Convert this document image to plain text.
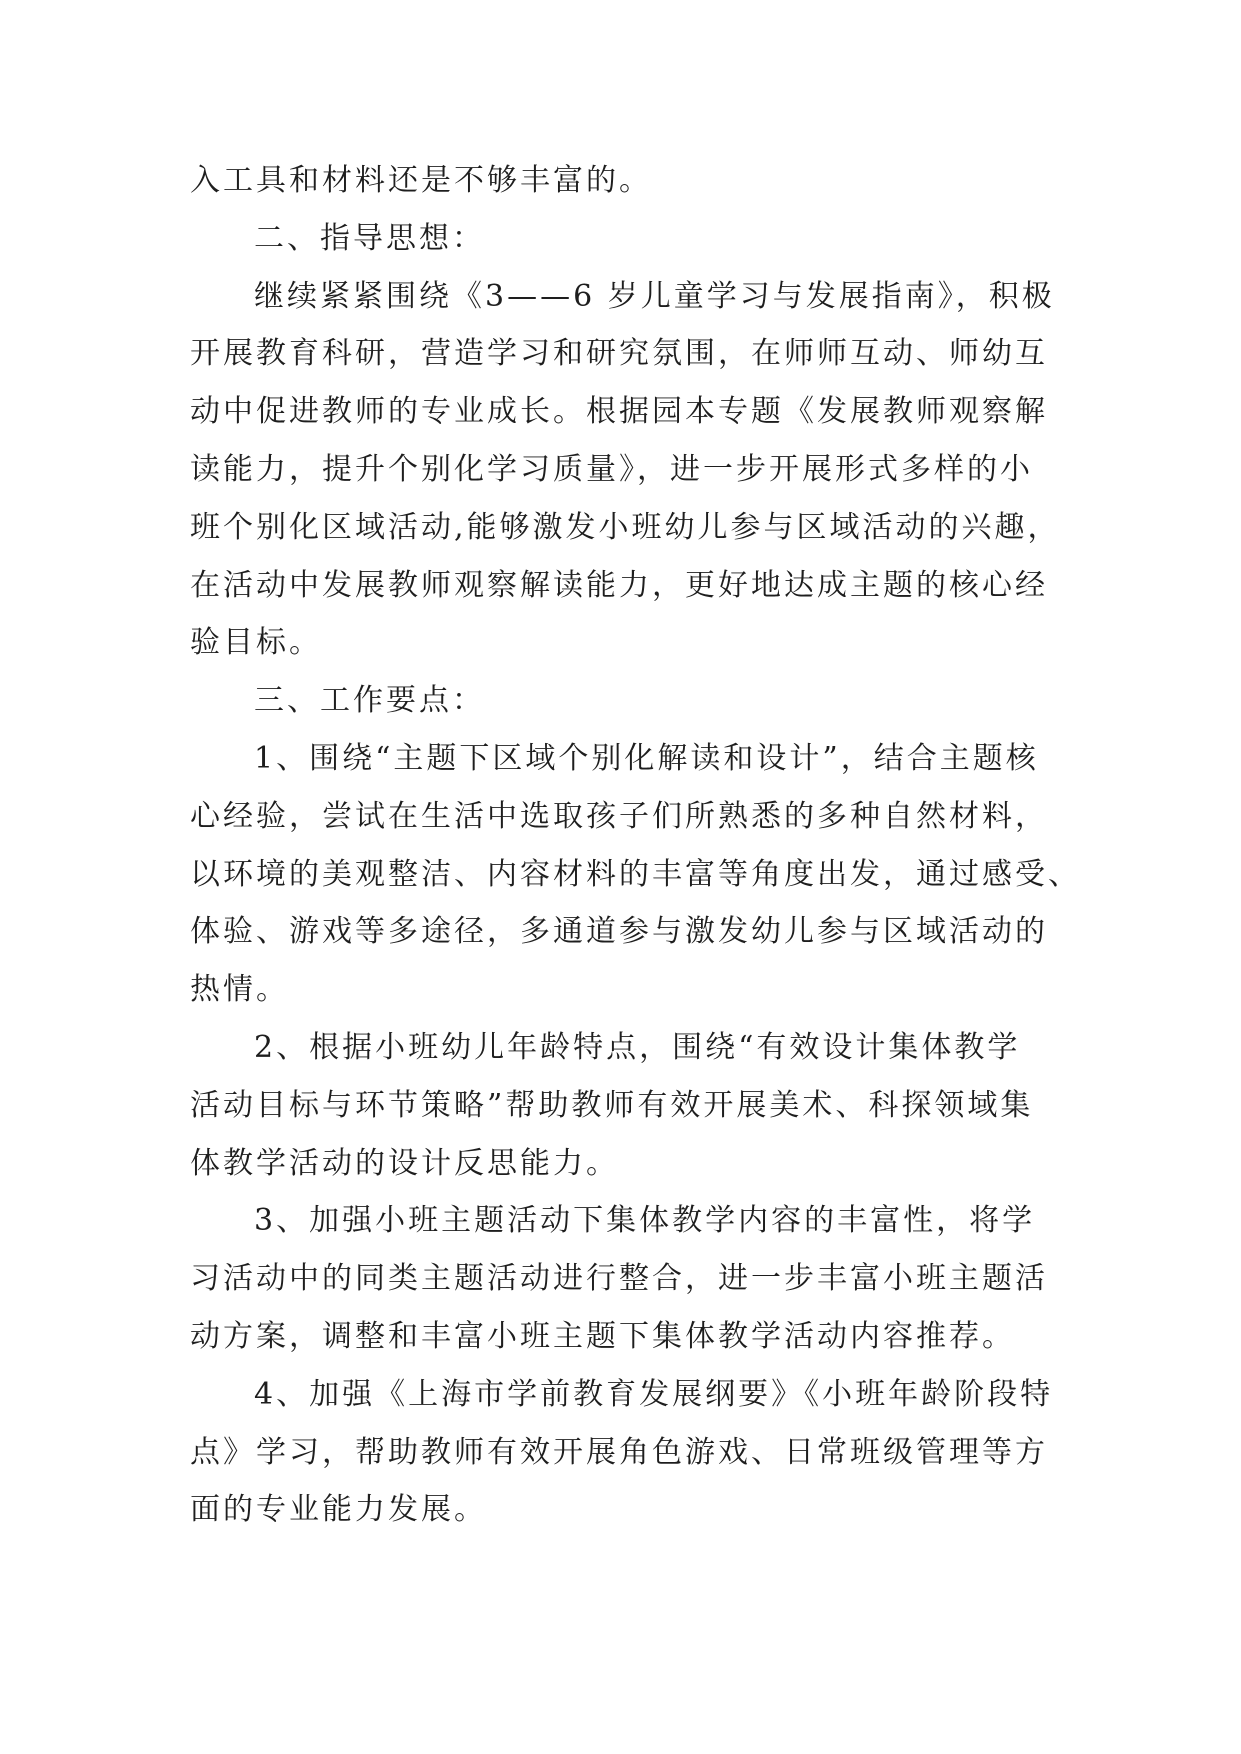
入工具和材料还是不够丰富的。
二、指导思想：
继续紧紧围绕《3——6 岁儿童学习与发展指南》，积极
开展教育科研，营造学习和研究氛围，在师师互动、师幼互
动中促进教师的专业成长。根据园本专题《发展教师观察解
读能力，提升个别化学习质量》，进一步开展形式多样的小
班个别化区域活动,能够激发小班幼儿参与区域活动的兴趣，
在活动中发展教师观察解读能力，更好地达成主题的核心经
验目标。
三、工作要点：
1、围绕“主题下区域个别化解读和设计”，结合主题核
心经验，尝试在生活中选取孩子们所熟悉的多种自然材料，
以环境的美观整洁、内容材料的丰富等角度出发，通过感受、
体验、游戏等多途径，多通道参与激发幼儿参与区域活动的
热情。
2、根据小班幼儿年龄特点，围绕“有效设计集体教学
活动目标与环节策略”帮助教师有效开展美术、科探领域集
体教学活动的设计反思能力。
3、加强小班主题活动下集体教学内容的丰富性，将学
习活动中的同类主题活动进行整合，进一步丰富小班主题活
动方案，调整和丰富小班主题下集体教学活动内容推荐。
4、加强《上海市学前教育发展纲要》《小班年龄阶段特
点》学习，帮助教师有效开展角色游戏、日常班级管理等方
面的专业能力发展。
